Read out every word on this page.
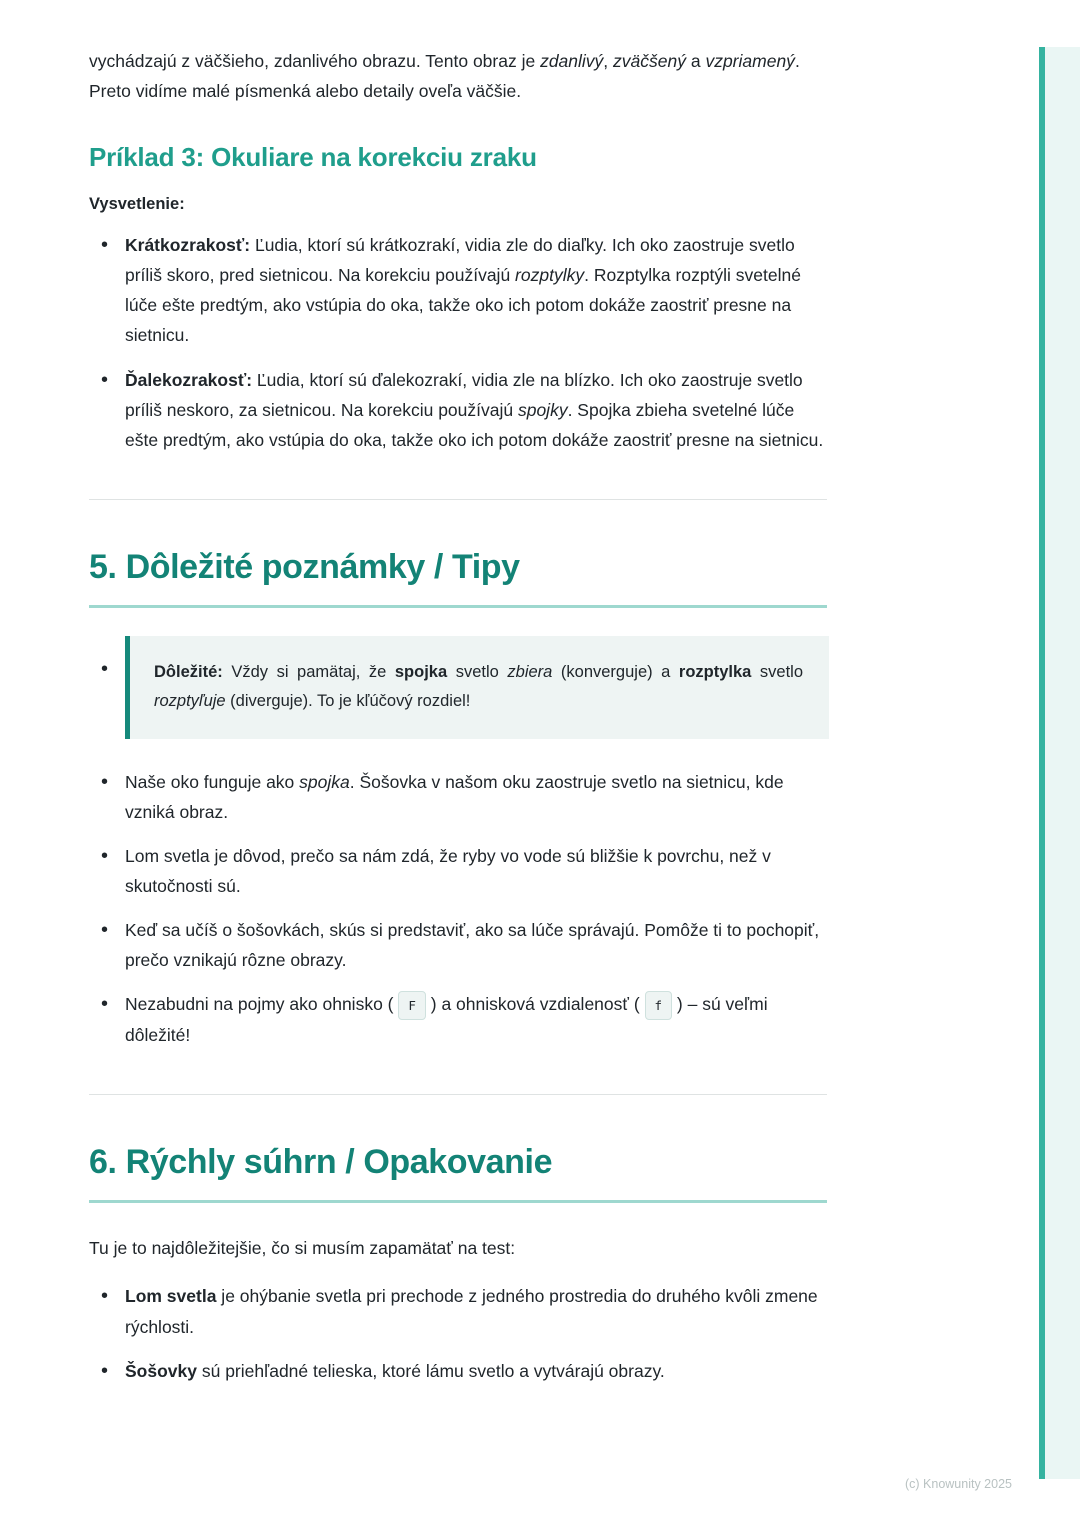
vychádzajú z väčšieho, zdanlivého obrazu. Tento obraz je zdanlivý, zväčšený a vzpriamený. Preto vidíme malé písmenká alebo detaily oveľa väčšie.

Príklad 3: Okuliare na korekciu zraku
Vysvetlenie:
• Krátkozrakosť: Ľudia, ktorí sú krátkozrakí, vidia zle do diaľky. Ich oko zaostruje svetlo príliš skoro, pred sietnicou. Na korekciu používajú rozptylky. Rozptylka rozptýli svetelné lúče ešte predtým, ako vstúpia do oka, takže oko ich potom dokáže zaostriť presne na sietnicu.
• Ďalekozrakosť: Ľudia, ktorí sú ďalekozrakí, vidia zle na blízko. Ich oko zaostruje svetlo príliš neskoro, za sietnicou. Na korekciu používajú spojky. Spojka zbieha svetelné lúče ešte predtým, ako vstúpia do oka, takže oko ich potom dokáže zaostriť presne na sietnicu.
5. Dôležité poznámky / Tipy
• Dôležité: Vždy si pamätaj, že spojka svetlo zbiera (konverguje) a rozptylka svetlo rozptyľuje (diverguje). To je kľúčový rozdiel!
• Naše oko funguje ako spojka. Šošovka v našom oku zaostruje svetlo na sietnicu, kde vzniká obraz.
• Lom svetla je dôvod, prečo sa nám zdá, že ryby vo vode sú bližšie k povrchu, než v skutočnosti sú.
• Keď sa učíš o šošovkách, skús si predstaviť, ako sa lúče správajú. Pomôže ti to pochopiť, prečo vznikajú rôzne obrazy.
• Nezabudni na pojmy ako ohnisko ( F ) a ohnisková vzdialenosť ( f ) – sú veľmi dôležité!
6. Rýchly súhrn / Opakovanie

Tu je to najdôležitejšie, čo si musím zapamätať na test:

• Lom svetla je ohýbanie svetla pri prechode z jedného prostredia do druhého kvôli zmene rýchlosti.
• Šošovky sú priehľadné telieska, ktoré lámu svetlo a vytvárajú obrazy.
(c) Knowunity 2025
